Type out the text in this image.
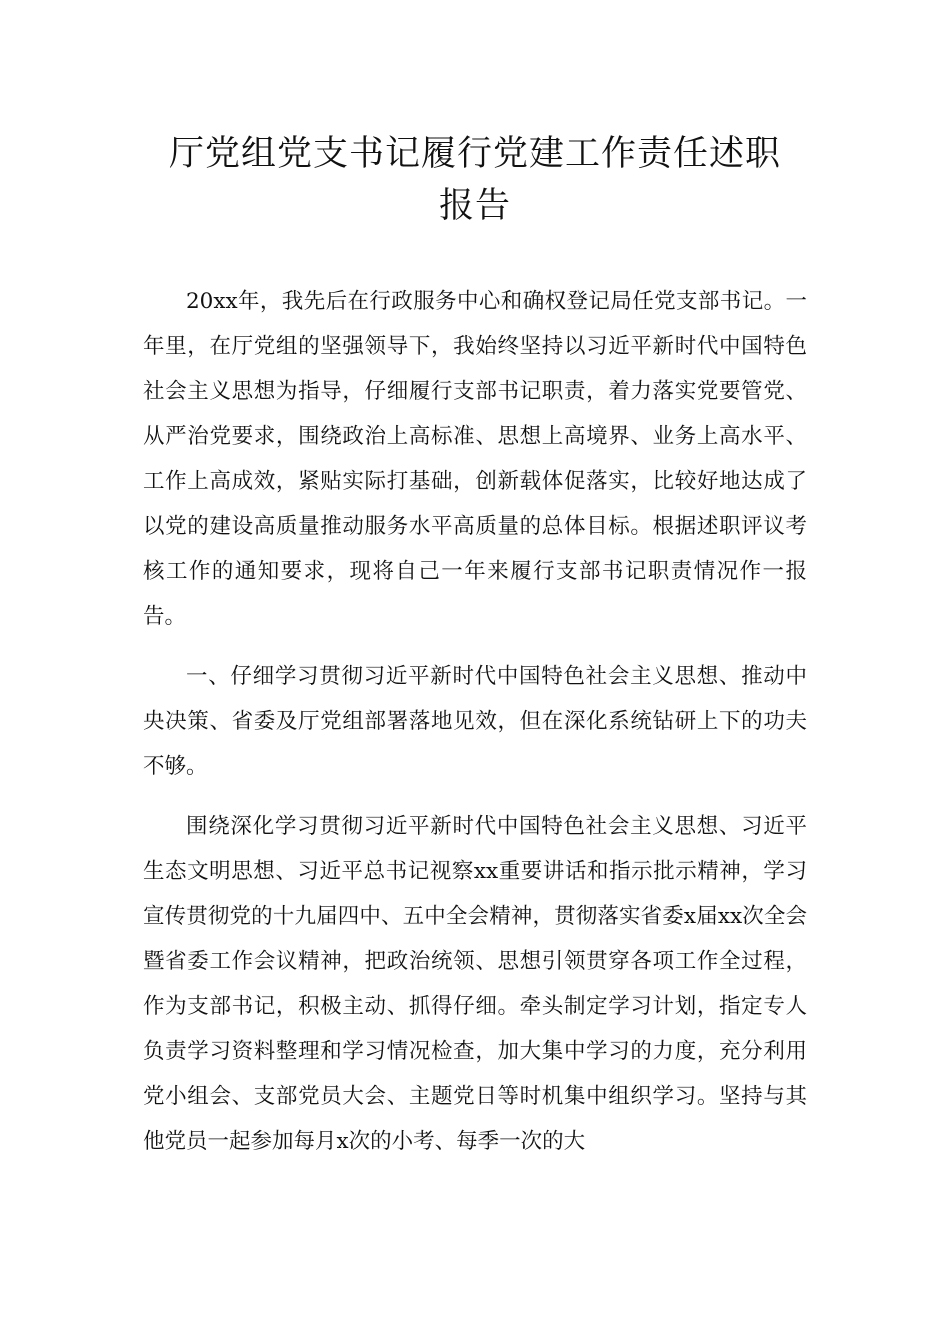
厅党组党支书记履行党建工作责任述职
报告

20xx年，我先后在行政服务中心和确权登记局任党支部书记。一年里，在厅党组的坚强领导下，我始终坚持以习近平新时代中国特色社会主义思想为指导，仔细履行支部书记职责，着力落实党要管党、从严治党要求，围绕政治上高标准、思想上高境界、业务上高水平、工作上高成效，紧贴实际打基础，创新载体促落实，比较好地达成了以党的建设高质量推动服务水平高质量的总体目标。根据述职评议考核工作的通知要求，现将自己一年来履行支部书记职责情况作一报告。

一、仔细学习贯彻习近平新时代中国特色社会主义思想、推动中央决策、省委及厅党组部署落地见效，但在深化系统钻研上下的功夫不够。

围绕深化学习贯彻习近平新时代中国特色社会主义思想、习近平生态文明思想、习近平总书记视察xx重要讲话和指示批示精神，学习宣传贯彻党的十九届四中、五中全会精神，贯彻落实省委x届xx次全会暨省委工作会议精神，把政治统领、思想引领贯穿各项工作全过程，作为支部书记，积极主动、抓得仔细。牵头制定学习计划，指定专人负责学习资料整理和学习情况检查，加大集中学习的力度，充分利用党小组会、支部党员大会、主题党日等时机集中组织学习。坚持与其他党员一起参加每月x次的小考、每季一次的大
